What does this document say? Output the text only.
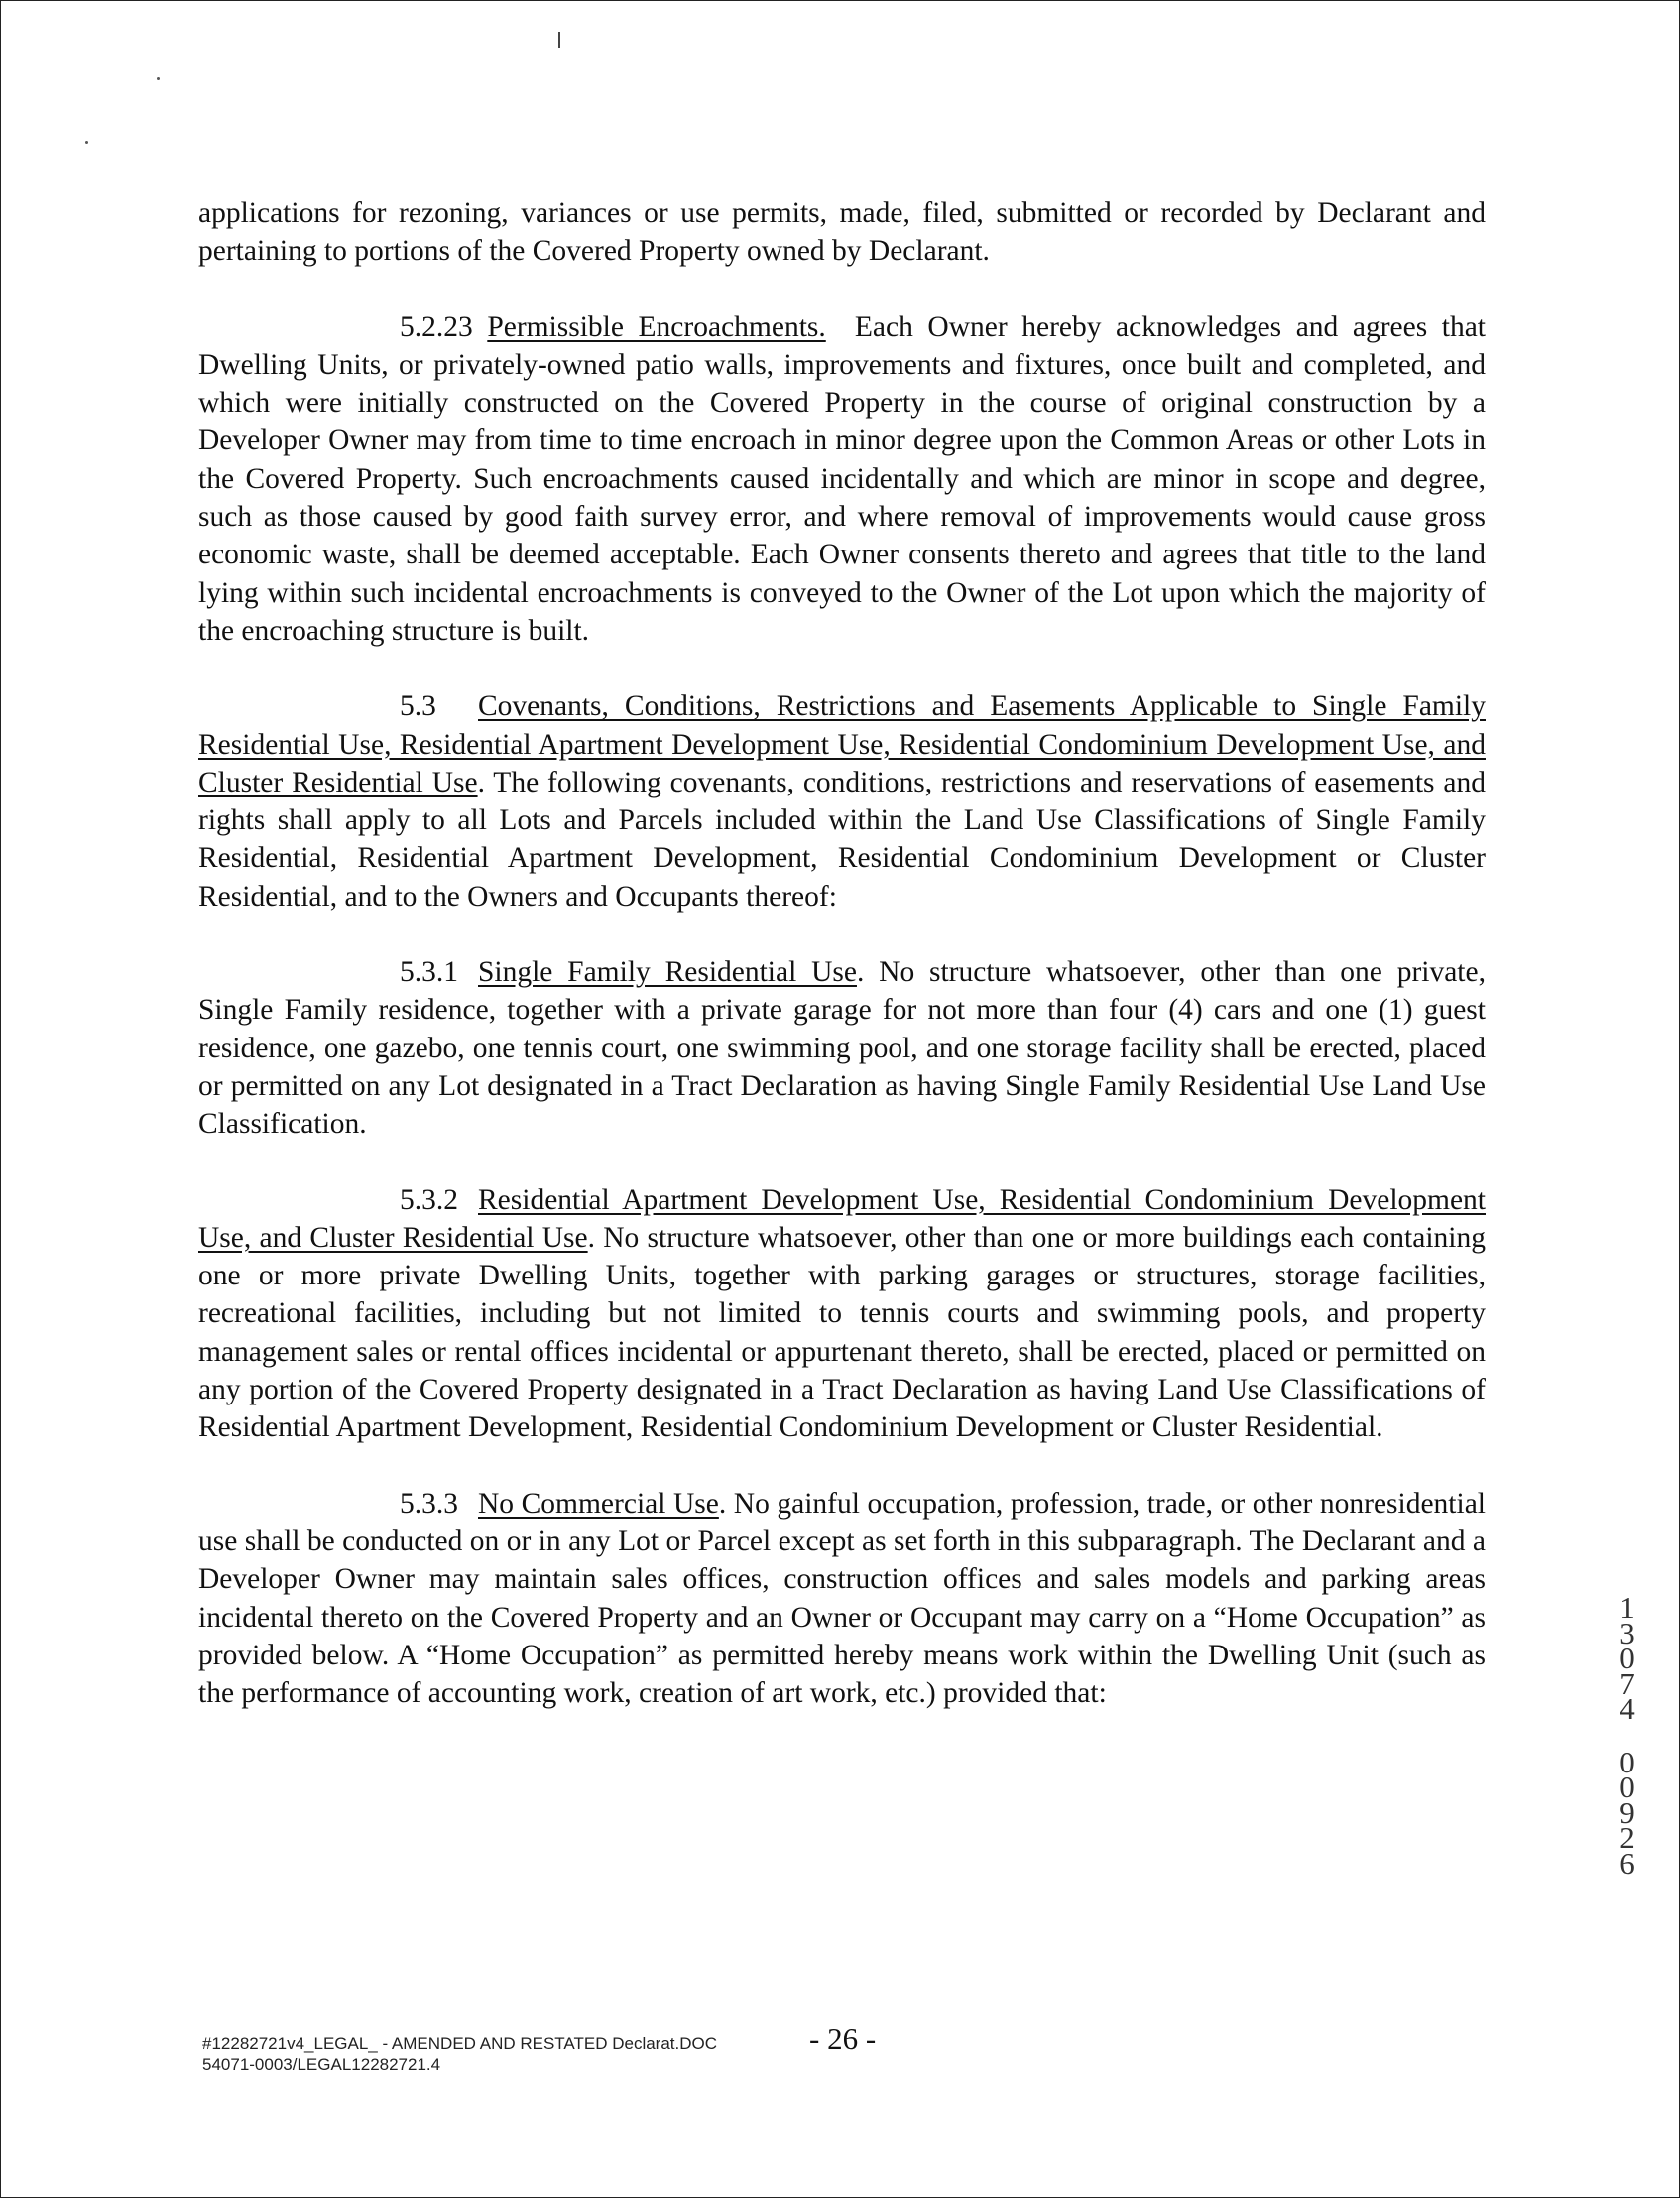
applications for rezoning, variances or use permits, made, filed, submitted or recorded by Declarant and pertaining to portions of the Covered Property owned by Declarant.

5.2.23 Permissible Encroachments. Each Owner hereby acknowledges and agrees that Dwelling Units, or privately-owned patio walls, improvements and fixtures, once built and completed, and which were initially constructed on the Covered Property in the course of original construction by a Developer Owner may from time to time encroach in minor degree upon the Common Areas or other Lots in the Covered Property. Such encroachments caused incidentally and which are minor in scope and degree, such as those caused by good faith survey error, and where removal of improvements would cause gross economic waste, shall be deemed acceptable. Each Owner consents thereto and agrees that title to the land lying within such incidental encroachments is conveyed to the Owner of the Lot upon which the majority of the encroaching structure is built.

5.3 Covenants, Conditions, Restrictions and Easements Applicable to Single Family Residential Use, Residential Apartment Development Use, Residential Condominium Development Use, and Cluster Residential Use. The following covenants, conditions, restrictions and reservations of easements and rights shall apply to all Lots and Parcels included within the Land Use Classifications of Single Family Residential, Residential Apartment Development, Residential Condominium Development or Cluster Residential, and to the Owners and Occupants thereof:

5.3.1 Single Family Residential Use. No structure whatsoever, other than one private, Single Family residence, together with a private garage for not more than four (4) cars and one (1) guest residence, one gazebo, one tennis court, one swimming pool, and one storage facility shall be erected, placed or permitted on any Lot designated in a Tract Declaration as having Single Family Residential Use Land Use Classification.

5.3.2 Residential Apartment Development Use, Residential Condominium Development Use, and Cluster Residential Use. No structure whatsoever, other than one or more buildings each containing one or more private Dwelling Units, together with parking garages or structures, storage facilities, recreational facilities, including but not limited to tennis courts and swimming pools, and property management sales or rental offices incidental or appurtenant thereto, shall be erected, placed or permitted on any portion of the Covered Property designated in a Tract Declaration as having Land Use Classifications of Residential Apartment Development, Residential Condominium Development or Cluster Residential.

5.3.3 No Commercial Use. No gainful occupation, profession, trade, or other nonresidential use shall be conducted on or in any Lot or Parcel except as set forth in this subparagraph. The Declarant and a Developer Owner may maintain sales offices, construction offices and sales models and parking areas incidental thereto on the Covered Property and an Owner or Occupant may carry on a “Home Occupation” as provided below. A “Home Occupation” as permitted hereby means work within the Dwelling Unit (such as the performance of accounting work, creation of art work, etc.) provided that:

1
3
0
7
4
0
0
9
2
6
#12282721v4_LEGAL_ - AMENDED AND RESTATED Declarat.DOC
54071-0003/LEGAL12282721.4
- 26 -
